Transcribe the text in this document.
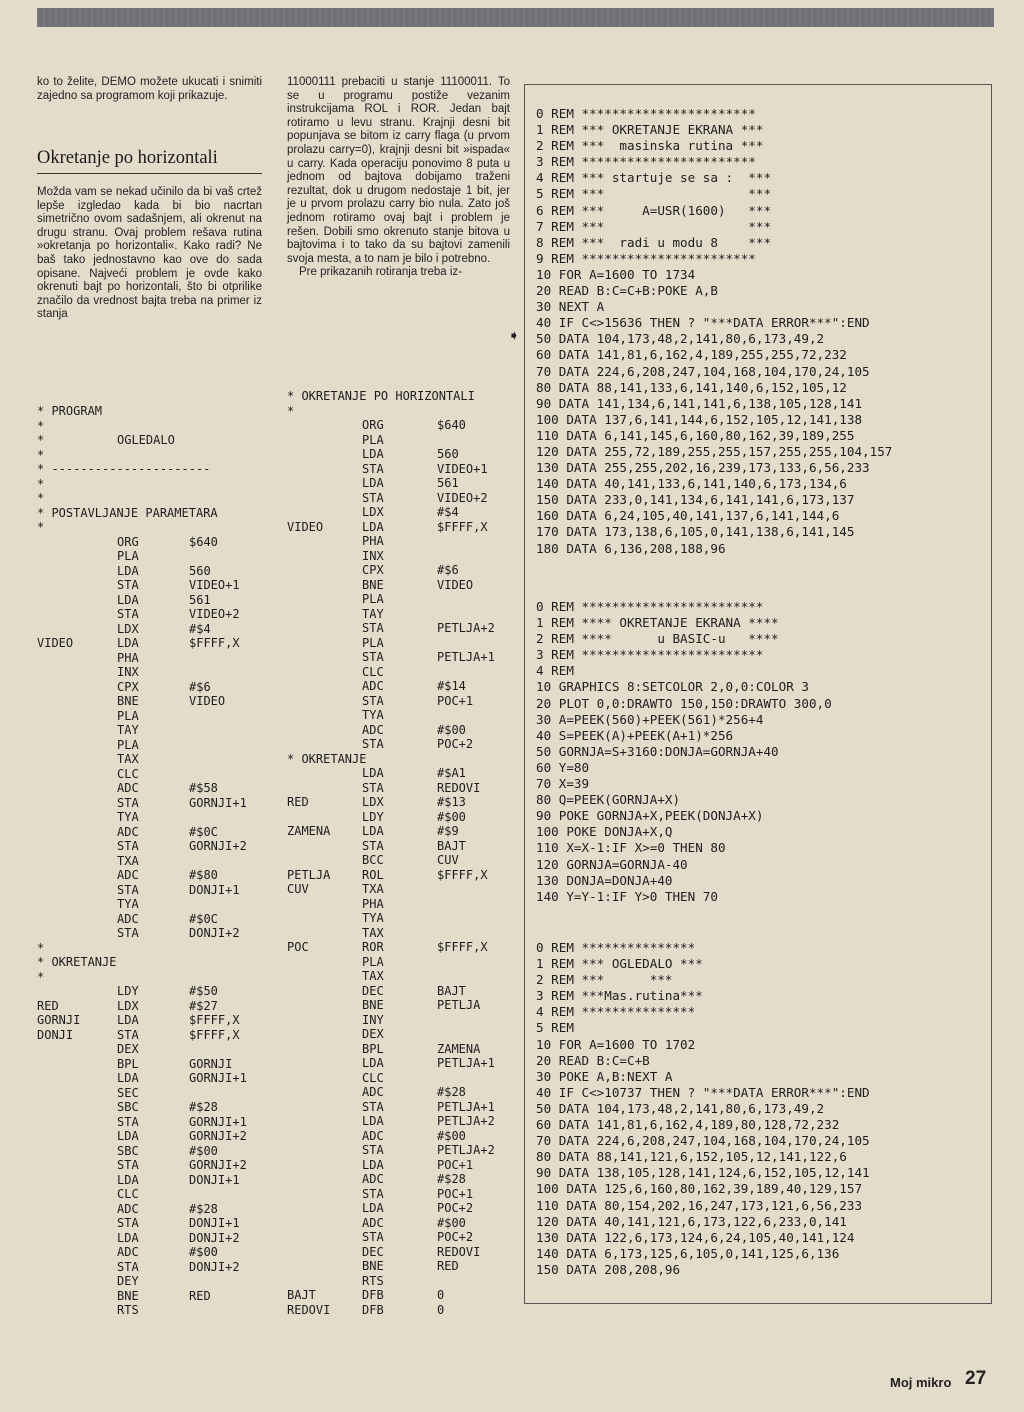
ko to želite, DEMO možete ukucati i snimiti zajedno sa programom koji prikazuje.

Okretanje po horizontali

Možda vam se nekad učinilo da bi vaš crtež lepše izgledao kada bi bio nacrtan simetrično ovom sadašnjem, ali okrenut na drugu stranu. Ovaj problem rešava rutina »okretanja po horizontali«. Kako radi? Ne baš tako jednostavno kao ove do sada opisane. Najveći problem je ovde kako okrenuti bajt po horizontali, što bi otprilike značilo da vrednost bajta treba na primer iz stanja

11000111 prebaciti u stanje 11100011. To se u programu postiže vezanim instrukcijama ROL i ROR. Jedan bajt rotiramo u levu stranu. Krajnji desni bit popunjava se bitom iz carry flaga (u prvom prolazu carry=0), krajnji desni bit »ispada« u carry. Kada operaciju ponovimo 8 puta u jednom od bajtova dobijamo traženi rezultat, dok u drugom nedostaje 1 bit, jer je u prvom prolazu carry bio nula. Zato još jednom rotiramo ovaj bajt i problem je rešen. Dobili smo okrenuto stanje bitova u bajtovima i to tako da su bajtovi zamenili svoja mesta, a to nam je bilo i potrebno.

Pre prikazanih rotiranja treba iz-

➧
* PROGRAM
*
*	OGLEDALO
*
* ----------------------
*
*
* POSTAVLJANJE PARAMETARA
*
ORG	$640
PLA
LDA	560
STA	VIDEO+1
LDA	561
STA	VIDEO+2
LDX	#$4
VIDEO	LDA	$FFFF,X
PHA
INX
CPX	#$6
BNE	VIDEO
PLA
TAY
PLA
TAX
CLC
ADC	#$58
STA	GORNJI+1
TYA
ADC	#$0C
STA	GORNJI+2
TXA
ADC	#$80
STA	DONJI+1
TYA
ADC	#$0C
STA	DONJI+2
*
* OKRETANJE
*
LDY	#$50
RED	LDX	#$27
GORNJI	LDA	$FFFF,X
DONJI	STA	$FFFF,X
DEX
BPL	GORNJI
LDA	GORNJI+1
SEC
SBC	#$28
STA	GORNJI+1
LDA	GORNJI+2
SBC	#$00
STA	GORNJI+2
LDA	DONJI+1
CLC
ADC	#$28
STA	DONJI+1
LDA	DONJI+2
ADC	#$00
STA	DONJI+2
DEY
BNE	RED
RTS
* OKRETANJE PO HORIZONTALI
*
ORG	$640
PLA
LDA	560
STA	VIDEO+1
LDA	561
STA	VIDEO+2
LDX	#$4
VIDEO	LDA	$FFFF,X
PHA
INX
CPX	#$6
BNE	VIDEO
PLA
TAY
STA	PETLJA+2
PLA
STA	PETLJA+1
CLC
ADC	#$14
STA	POC+1
TYA
ADC	#$00
STA	POC+2
* OKRETANJE
LDA	#$A1
STA	REDOVI
RED	LDX	#$13
LDY	#$00
ZAMENA	LDA	#$9
STA	BAJT
BCC	CUV
PETLJA	ROL	$FFFF,X
CUV	TXA
PHA
TYA
TAX
POC	ROR	$FFFF,X
PLA
TAX
DEC	BAJT
BNE	PETLJA
INY
DEX
BPL	ZAMENA
LDA	PETLJA+1
CLC
ADC	#$28
STA	PETLJA+1
LDA	PETLJA+2
ADC	#$00
STA	PETLJA+2
LDA	POC+1
ADC	#$28
STA	POC+1
LDA	POC+2
ADC	#$00
STA	POC+2
DEC	REDOVI
BNE	RED
RTS
BAJT	DFB	0
REDOVI	DFB	0
0 REM ***********************
1 REM *** OKRETANJE EKRANA ***
2 REM ***  masinska rutina ***
3 REM ***********************
4 REM *** startuje se sa :  ***
5 REM ***                   ***
6 REM ***     A=USR(1600)   ***
7 REM ***                   ***
8 REM ***  radi u modu 8    ***
9 REM ***********************
10 FOR A=1600 TO 1734
20 READ B:C=C+B:POKE A,B
30 NEXT A
40 IF C<>15636 THEN ? "***DATA ERROR***":END
50 DATA 104,173,48,2,141,80,6,173,49,2
60 DATA 141,81,6,162,4,189,255,255,72,232
70 DATA 224,6,208,247,104,168,104,170,24,105
80 DATA 88,141,133,6,141,140,6,152,105,12
90 DATA 141,134,6,141,141,6,138,105,128,141
100 DATA 137,6,141,144,6,152,105,12,141,138
110 DATA 6,141,145,6,160,80,162,39,189,255
120 DATA 255,72,189,255,255,157,255,255,104,157
130 DATA 255,255,202,16,239,173,133,6,56,233
140 DATA 40,141,133,6,141,140,6,173,134,6
150 DATA 233,0,141,134,6,141,141,6,173,137
160 DATA 6,24,105,40,141,137,6,141,144,6
170 DATA 173,138,6,105,0,141,138,6,141,145
180 DATA 6,136,208,188,96
0 REM ************************
1 REM **** OKRETANJE EKRANA ****
2 REM ****      u BASIC-u   ****
3 REM ************************
4 REM
10 GRAPHICS 8:SETCOLOR 2,0,0:COLOR 3
20 PLOT 0,0:DRAWTO 150,150:DRAWTO 300,0
30 A=PEEK(560)+PEEK(561)*256+4
40 S=PEEK(A)+PEEK(A+1)*256
50 GORNJA=S+3160:DONJA=GORNJA+40
60 Y=80
70 X=39
80 Q=PEEK(GORNJA+X)
90 POKE GORNJA+X,PEEK(DONJA+X)
100 POKE DONJA+X,Q
110 X=X-1:IF X>=0 THEN 80
120 GORNJA=GORNJA-40
130 DONJA=DONJA+40
140 Y=Y-1:IF Y>0 THEN 70
0 REM ***************
1 REM *** OGLEDALO ***
2 REM ***      ***
3 REM ***Mas.rutina***
4 REM ***************
5 REM
10 FOR A=1600 TO 1702
20 READ B:C=C+B
30 POKE A,B:NEXT A
40 IF C<>10737 THEN ? "***DATA ERROR***":END
50 DATA 104,173,48,2,141,80,6,173,49,2
60 DATA 141,81,6,162,4,189,80,128,72,232
70 DATA 224,6,208,247,104,168,104,170,24,105
80 DATA 88,141,121,6,152,105,12,141,122,6
90 DATA 138,105,128,141,124,6,152,105,12,141
100 DATA 125,6,160,80,162,39,189,40,129,157
110 DATA 80,154,202,16,247,173,121,6,56,233
120 DATA 40,141,121,6,173,122,6,233,0,141
130 DATA 122,6,173,124,6,24,105,40,141,124
140 DATA 6,173,125,6,105,0,141,125,6,136
150 DATA 208,208,96
Moj mikro 27
